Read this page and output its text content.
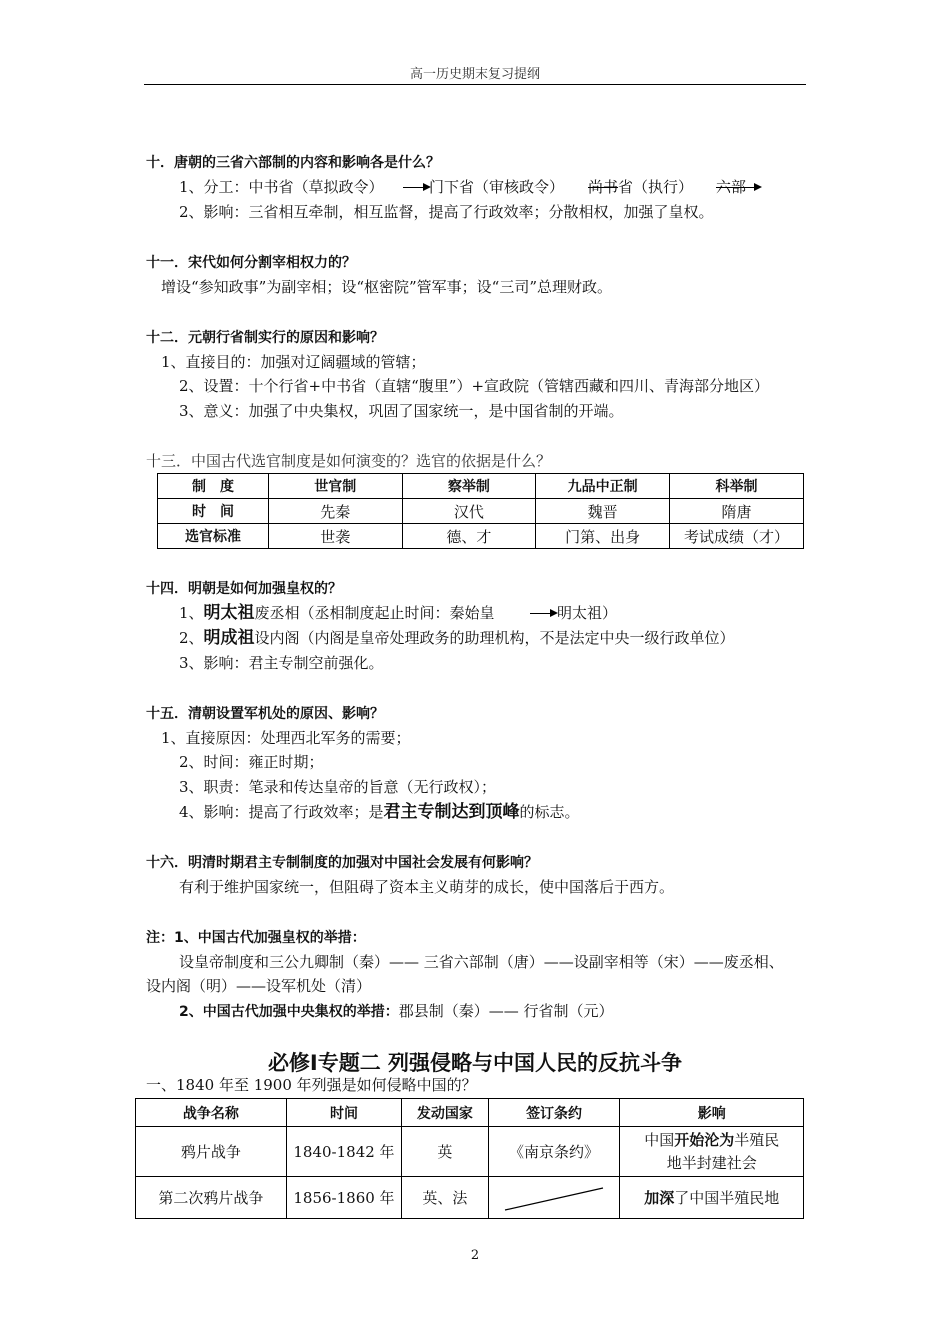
高一历史期末复习提纲
十．唐朝的三省六部制的内容和影响各是什么？
1、分工：中书省（草拟政令）	门下省（审核政令） 尚书省（执行） 六部
2、影响：三省相互牵制，相互监督，提高了行政效率；分散相权，加强了皇权。
十一．宋代如何分割宰相权力的？
增设“参知政事”为副宰相；设“枢密院”管军事；设“三司”总理财政。
十二．元朝行省制实行的原因和影响？
1、直接目的：加强对辽阔疆域的管辖；
2、设置：十个行省+中书省（直辖“腹里”）+宣政院（管辖西藏和四川、青海部分地区）
3、意义：加强了中央集权，巩固了国家统一，是中国省制的开端。
十三．中国古代选官制度是如何演变的？选官的依据是什么？
制　度	世官制	察举制	九品中正制	科举制
时　间	先秦	汉代	魏晋	隋唐
选官标准	世袭	德、才	门第、出身	考试成绩（才）
十四．明朝是如何加强皇权的？
1、明太祖废丞相（丞相制度起止时间：秦始皇	明太祖）
2、明成祖设内阁（内阁是皇帝处理政务的助理机构，不是法定中央一级行政单位）
3、影响：君主专制空前强化。
十五．清朝设置军机处的原因、影响？
1、直接原因：处理西北军务的需要；
2、时间：雍正时期；
3、职责：笔录和传达皇帝的旨意（无行政权）；
4、影响：提高了行政效率；是君主专制达到顶峰的标志。
十六．明清时期君主专制制度的加强对中国社会发展有何影响？
有利于维护国家统一，但阻碍了资本主义萌芽的成长，使中国落后于西方。
注：1、中国古代加强皇权的举措：
设皇帝制度和三公九卿制（秦）—— 三省六部制（唐）——设副宰相等（宋）——废丞相、
设内阁（明）——设军机处（清）
2、中国古代加强中央集权的举措：郡县制（秦）—— 行省制（元）
必修Ⅰ专题二 列强侵略与中国人民的反抗斗争
一、1840 年至 1900 年列强是如何侵略中国的？
战争名称	时间	发动国家	签订条约	影响
鸦片战争	1840-1842 年	英	《南京条约》	中国开始沦为半殖民
地半封建社会
第二次鸦片战争	1856-1860 年	英、法		加深了中国半殖民地
2
